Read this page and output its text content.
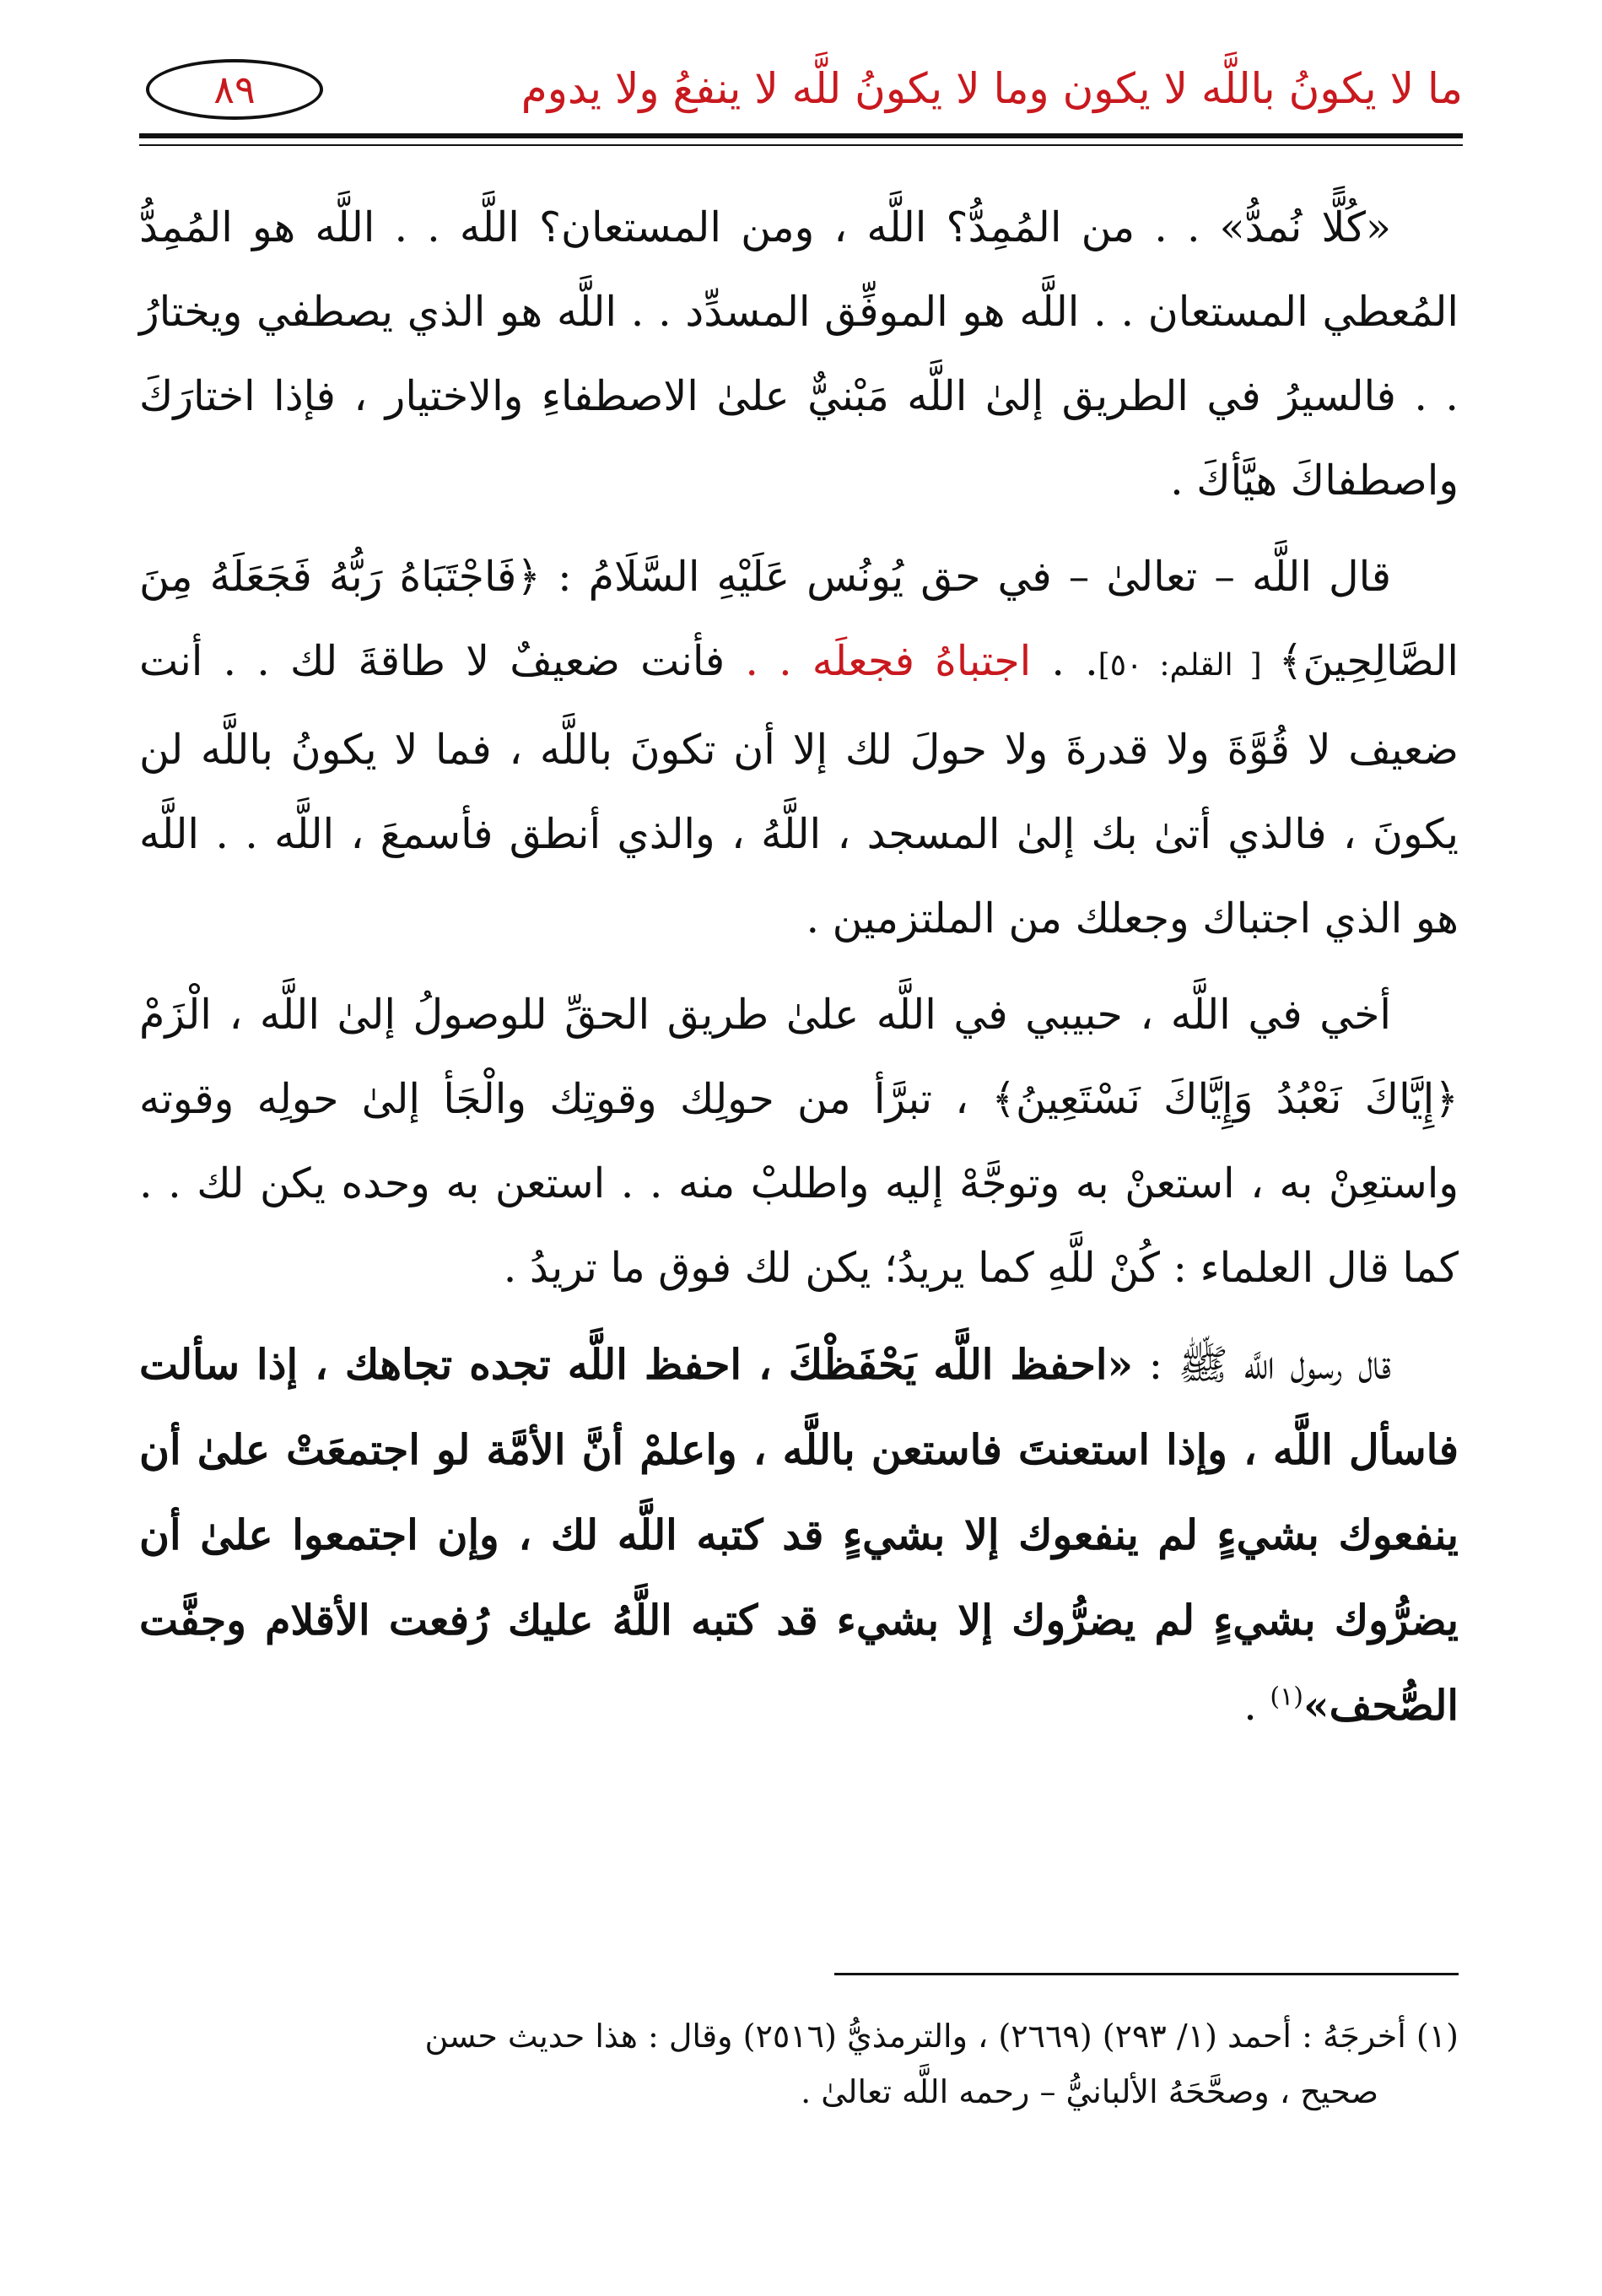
ما لا يكونُ باللَّه لا يكون وما لا يكونُ للَّه لا ينفعُ ولا يدوم
٨٩

«كُلًّا نُمدُّ» . . من المُمِدُّ؟ اللَّه ، ومن المستعان؟ اللَّه . . اللَّه هو المُمِدُّ المُعطي المستعان . . اللَّه هو الموفِّق المسدِّد . . اللَّه هو الذي يصطفي ويختارُ . . فالسيرُ في الطريق إلىٰ اللَّه مَبْنيٌّ علىٰ الاصطفاءِ والاختيار ، فإذا اختارَكَ واصطفاكَ هيَّأكَ .

قال اللَّه – تعالىٰ – في حق يُونُس عَلَيْهِ السَّلَامُ : ﴿فَاجْتَبَاهُ رَبُّهُ فَجَعَلَهُ مِنَ الصَّالِحِينَ﴾ [ القلم: ٥٠]. . اجتباهُ فجعلَه . . فأنت ضعيفٌ لا طاقةَ لك . . أنت ضعيف لا قُوَّةَ ولا قدرةَ ولا حولَ لك إلا أن تكونَ باللَّه ، فما لا يكونُ باللَّه لن يكونَ ، فالذي أتىٰ بك إلىٰ المسجد ، اللَّهُ ، والذي أنطق فأسمعَ ، اللَّه . . اللَّه هو الذي اجتباك وجعلك من الملتزمين .

أخي في اللَّه ، حبيبي في اللَّه علىٰ طريق الحقِّ للوصولُ إلىٰ اللَّه ، الْزَمْ ﴿إِيَّاكَ نَعْبُدُ وَإِيَّاكَ نَسْتَعِينُ﴾ ، تبرَّأ من حولِك وقوتِك والْجَأ إلىٰ حولِه وقوته واستعِنْ به ، استعنْ به وتوجَّهْ إليه واطلبْ منه . . استعن به وحده يكن لك . . كما قال العلماء : كُنْ للَّهِ كما يريدُ؛ يكن لك فوق ما تريدُ .

قال رسول اللَّه ﷺ : «احفظ اللَّه يَحْفَظْكَ ، احفظ اللَّه تجده تجاهك ، إذا سألت فاسأل اللَّه ، وإذا استعنتَ فاستعن باللَّه ، واعلمْ أنَّ الأمَّة لو اجتمعَتْ علىٰ أن ينفعوك بشيءٍ لم ينفعوك إلا بشيءٍ قد كتبه اللَّه لك ، وإن اجتمعوا علىٰ أن يضرُّوك بشيءٍ لم يضرُّوك إلا بشيء قد كتبه اللَّهُ عليك رُفعت الأقلام وجفَّت الصُّحف»$^{(١)}$ .

(١) أخرجَهُ : أحمد (١/ ٢٩٣) (٢٦٦٩) ، والترمذيُّ (٢٥١٦) وقال : هذا حديث حسن

صحيح ، وصحَّحَهُ الألبانيُّ – رحمه اللَّه تعالىٰ .
